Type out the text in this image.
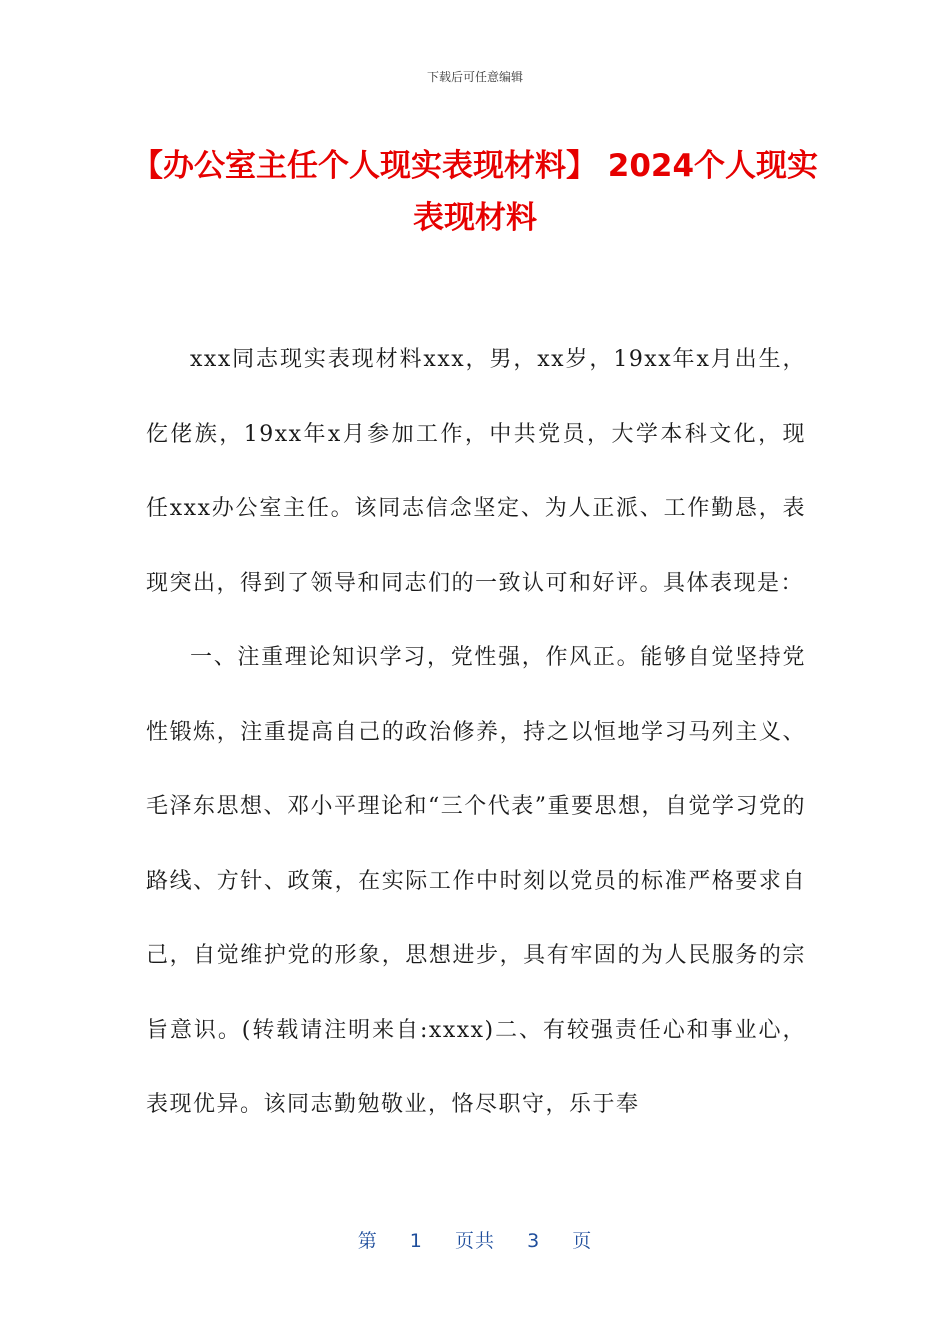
下载后可任意编辑
【办公室主任个人现实表现材料】 2024个人现实表现材料

xxx同志现实表现材料xxx，男，xx岁，19xx年x月出生，仡佬族，19xx年x月参加工作，中共党员，大学本科文化，现任xxx办公室主任。该同志信念坚定、为人正派、工作勤恳，表现突出，得到了领导和同志们的一致认可和好评。具体表现是：

一、注重理论知识学习，党性强，作风正。能够自觉坚持党性锻炼，注重提高自己的政治修养，持之以恒地学习马列主义、毛泽东思想、邓小平理论和“三个代表”重要思想，自觉学习党的路线、方针、政策，在实际工作中时刻以党员的标准严格要求自己，自觉维护党的形象，思想进步，具有牢固的为人民服务的宗旨意识。(转载请注明来自:xxxx)二、有较强责任心和事业心，表现优异。该同志勤勉敬业，恪尽职守，乐于奉

第 1 页共 3 页
